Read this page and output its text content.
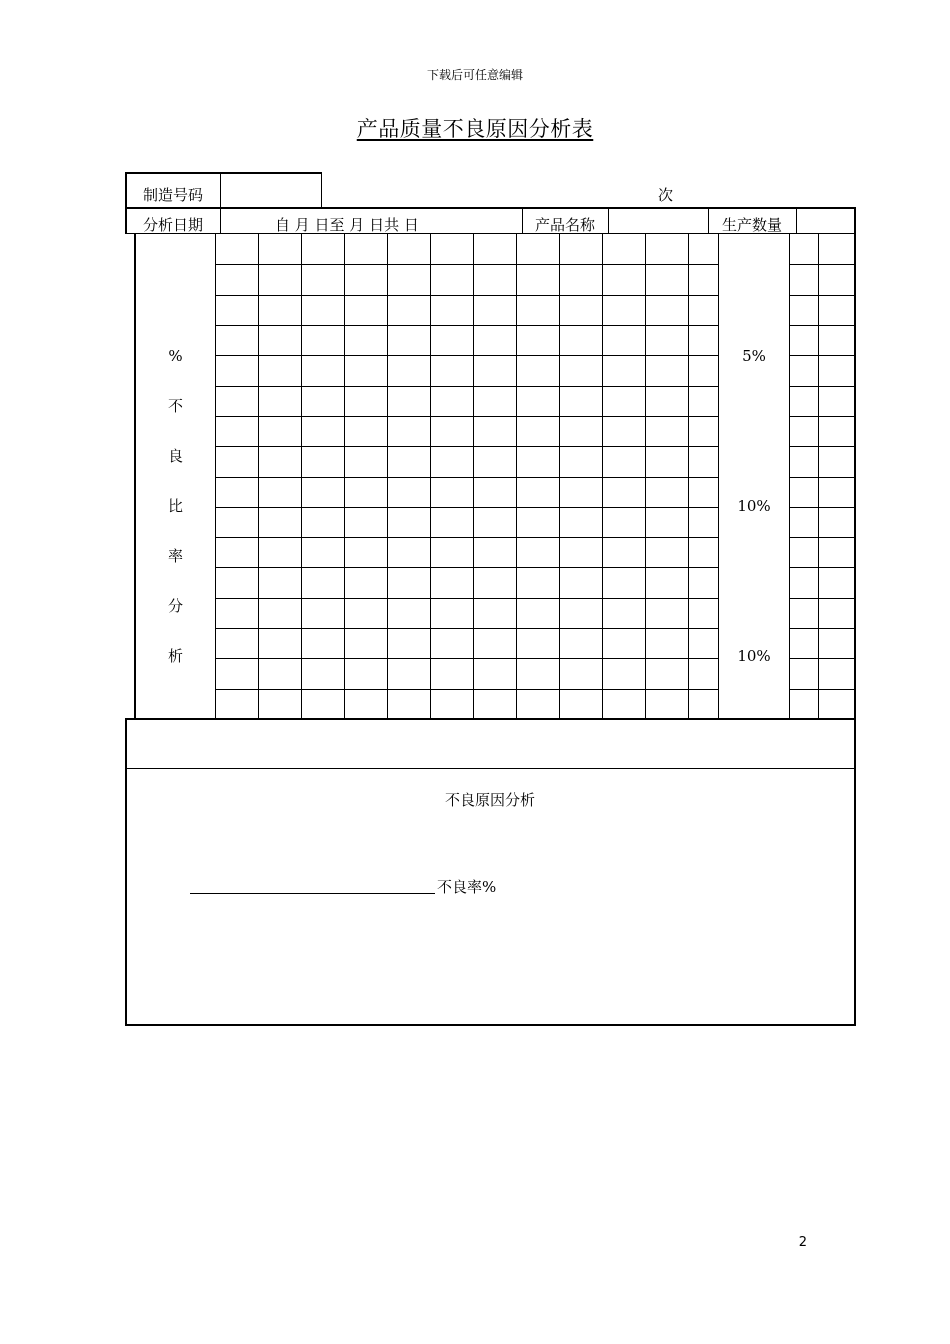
下载后可任意编辑
产品质量不良原因分析表
制造号码	次
分析日期	自 月 日至 月 日共 日	产品名称	生产数量
%
不
良
比
率
分
析
5%
10%
10%
不良原因分析
不良率%
2
